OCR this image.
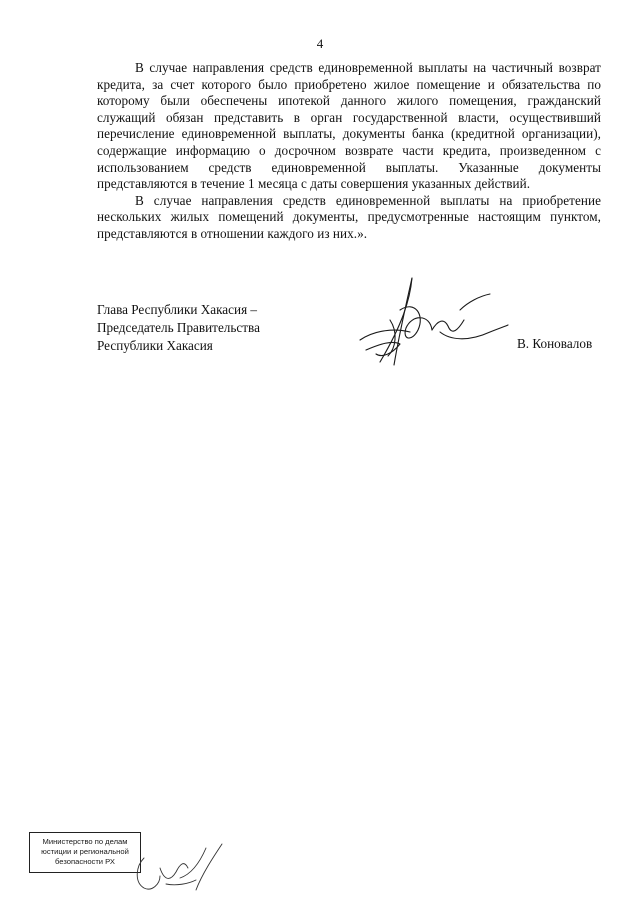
4

В случае направления средств единовременной выплаты на частичный возврат кредита, за счет которого было приобретено жилое помещение и обязательства по которому были обеспечены ипотекой данного жилого помещения, гражданский служащий обязан представить в орган государственной власти, осуществивший перечисление единовременной выплаты, документы банка (кредитной организации), содержащие информацию о досрочном возврате части кредита, произведенном с использованием средств единовременной выплаты. Указанные документы представляются в течение 1 месяца с даты совершения указанных действий.

В случае направления средств единовременной выплаты на приобретение нескольких жилых помещений документы, предусмотренные настоящим пунктом, представляются в отношении каждого из них.».

Глава Республики Хакасия –
Председатель Правительства
Республики Хакасия	В. Коновалов
Министерство по делам
юстиции и региональной
безопасности РХ
